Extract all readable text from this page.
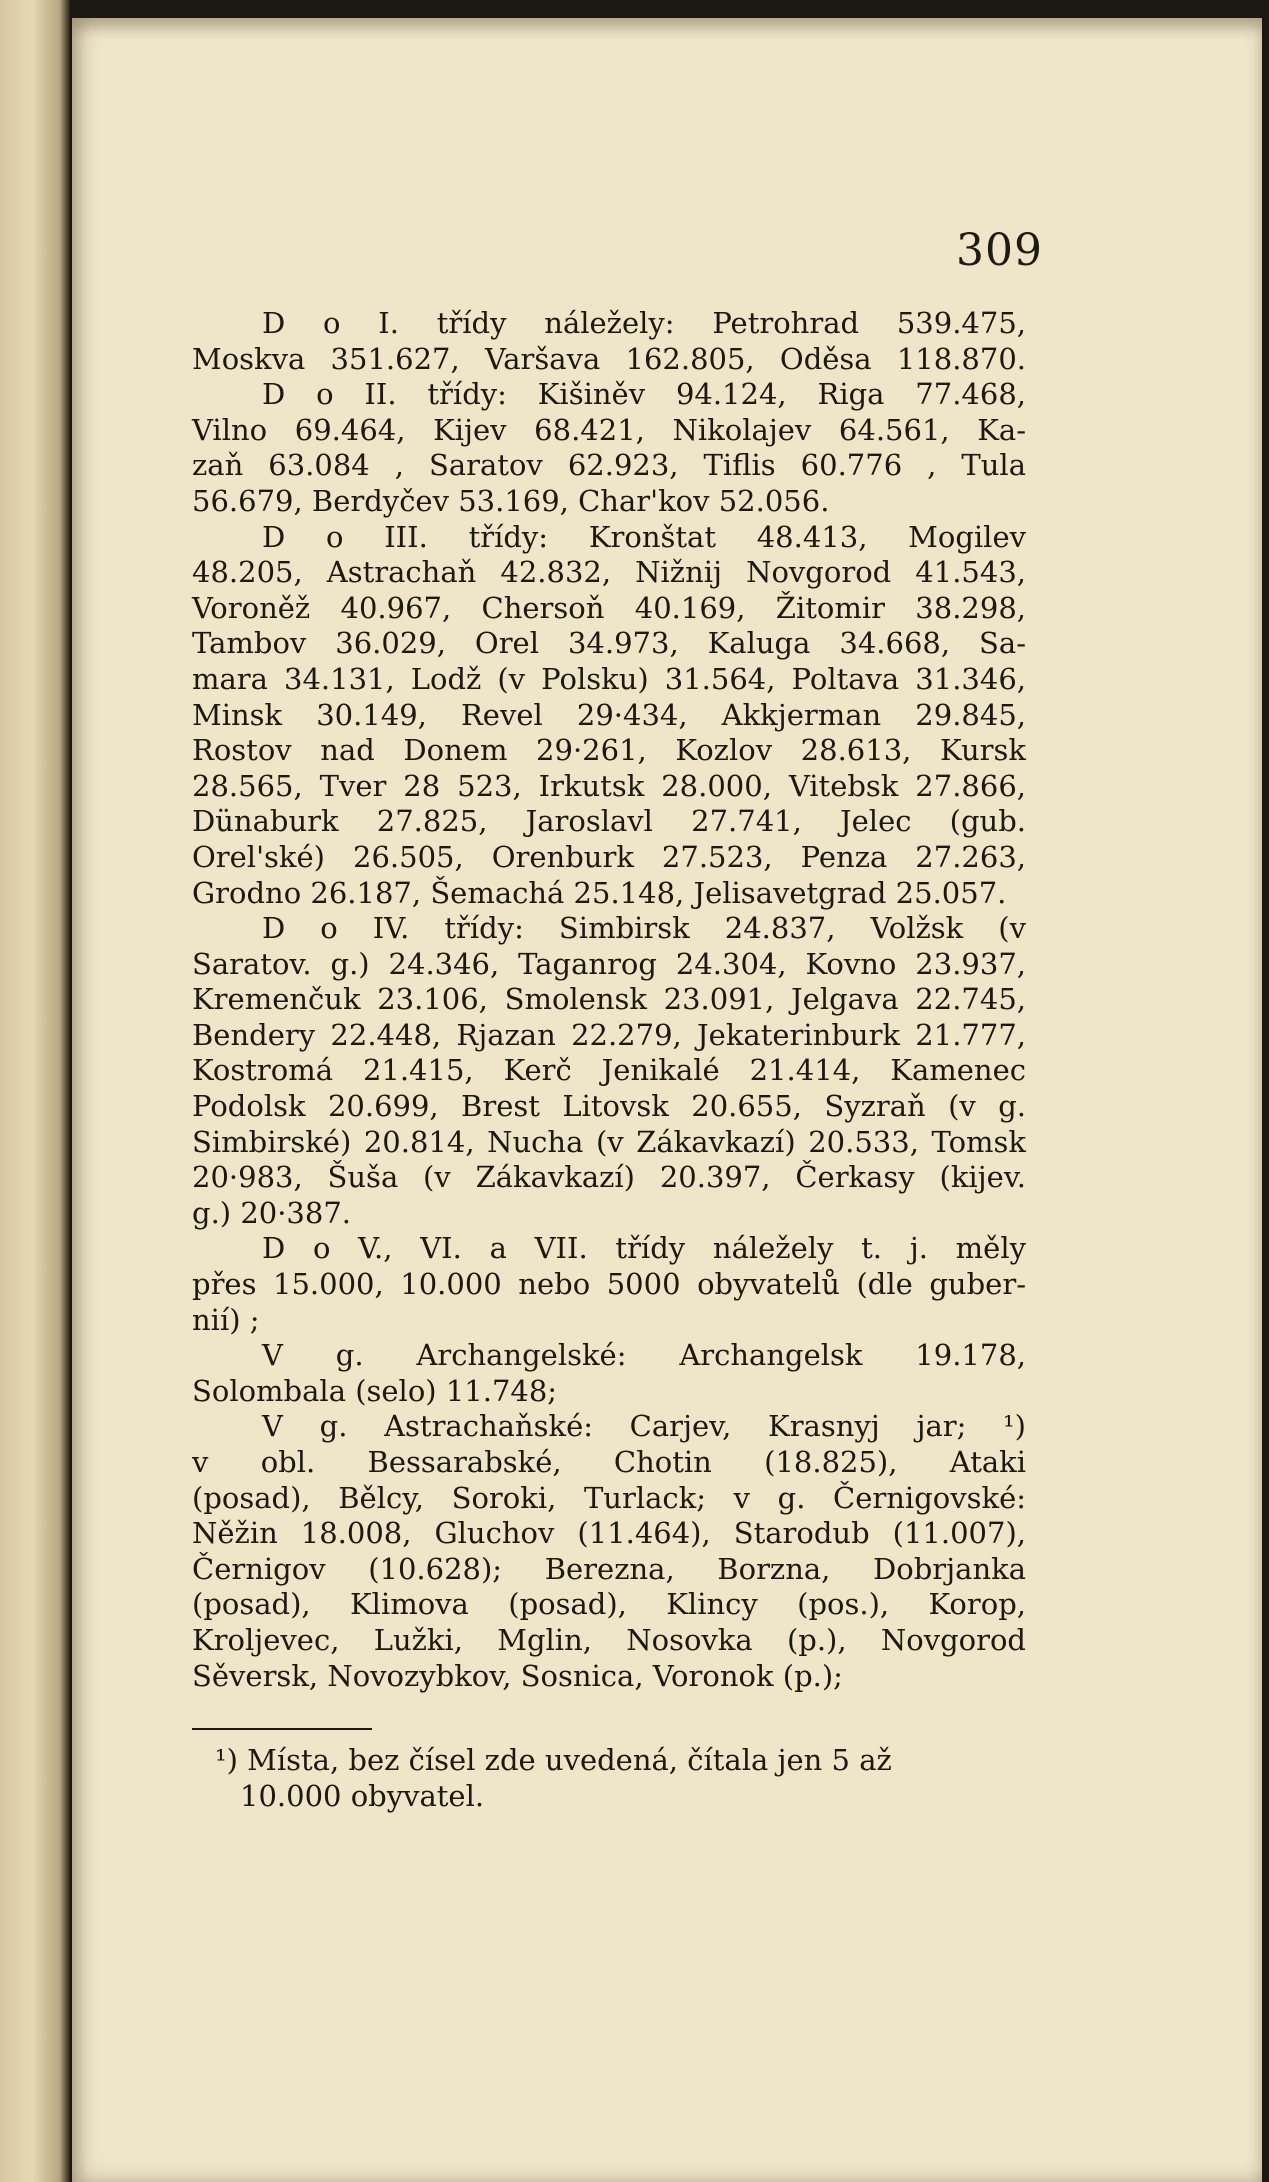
309
D o I. třídy náležely: Petrohrad 539.475,
Moskva 351.627, Varšava 162.805, Oděsa 118.870.
D o II. třídy: Kišiněv 94.124, Riga 77.468,
Vilno 69.464, Kijev 68.421, Nikolajev 64.561, Ka-
zaň 63.084 , Saratov 62.923, Tiflis 60.776 , Tula
56.679, Berdyčev 53.169, Char'kov 52.056.
D o III. třídy: Kronštat 48.413, Mogilev
48.205, Astrachaň 42.832, Nižnij Novgorod 41.543,
Voroněž 40.967, Chersoň 40.169, Žitomir 38.298,
Tambov 36.029, Orel 34.973, Kaluga 34.668, Sa-
mara 34.131, Lodž (v Polsku) 31.564, Poltava 31.346,
Minsk 30.149, Revel 29·434, Akkjerman 29.845,
Rostov nad Donem 29·261, Kozlov 28.613, Kursk
28.565, Tver 28 523, Irkutsk 28.000, Vitebsk 27.866,
Dünaburk 27.825, Jaroslavl 27.741, Jelec (gub.
Orel'ské) 26.505, Orenburk 27.523, Penza 27.263,
Grodno 26.187, Šemachá 25.148, Jelisavetgrad 25.057.
D o IV. třídy: Simbirsk 24.837, Volžsk (v
Saratov. g.) 24.346, Taganrog 24.304, Kovno 23.937,
Kremenčuk 23.106, Smolensk 23.091, Jelgava 22.745,
Bendery 22.448, Rjazan 22.279, Jekaterinburk 21.777,
Kostromá 21.415, Kerč Jenikalé 21.414, Kamenec
Podolsk 20.699, Brest Litovsk 20.655, Syzraň (v g.
Simbirské) 20.814, Nucha (v Zákavkazí) 20.533, Tomsk
20·983, Šuša (v Zákavkazí) 20.397, Čerkasy (kijev.
g.) 20·387.
D o V., VI. a VII. třídy náležely t. j. měly
přes 15.000, 10.000 nebo 5000 obyvatelů (dle guber-
nií) ;
V g. Archangelské: Archangelsk 19.178,
Solombala (selo) 11.748;
V g. Astrachaňské: Carjev, Krasnyj jar; ¹)
v obl. Bessarabské, Chotin (18.825), Ataki
(posad), Bělcy, Soroki, Turlack; v g. Černigovské:
Něžin 18.008, Gluchov (11.464), Starodub (11.007),
Černigov (10.628); Berezna, Borzna, Dobrjanka
(posad), Klimova (posad), Klincy (pos.), Korop,
Kroljevec, Lužki, Mglin, Nosovka (p.), Novgorod
Sěversk, Novozybkov, Sosnica, Voronok (p.);
¹) Místa, bez čísel zde uvedená, čítala jen 5 až
10.000 obyvatel.
